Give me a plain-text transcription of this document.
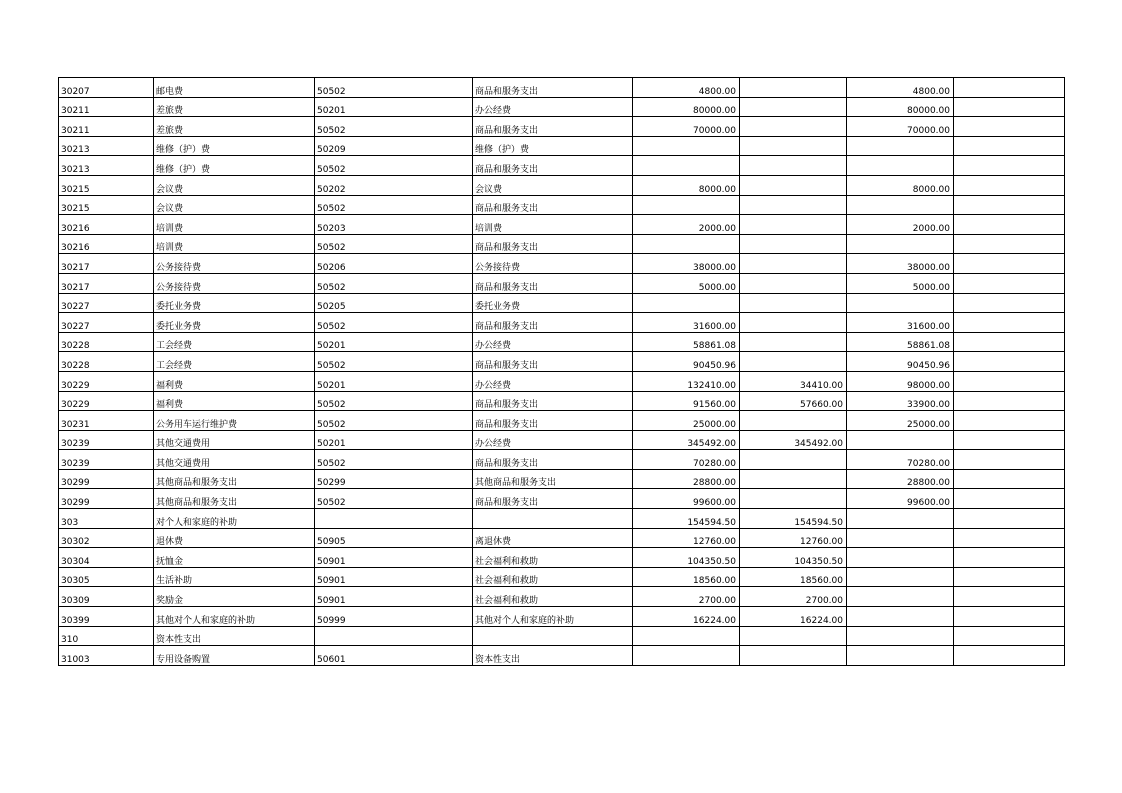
30207	邮电费	50502	商品和服务支出	4800.00		4800.00	
30211	差旅费	50201	办公经费	80000.00		80000.00	
30211	差旅费	50502	商品和服务支出	70000.00		70000.00	
30213	维修（护）费	50209	维修（护）费				
30213	维修（护）费	50502	商品和服务支出				
30215	会议费	50202	会议费	8000.00		8000.00	
30215	会议费	50502	商品和服务支出				
30216	培训费	50203	培训费	2000.00		2000.00	
30216	培训费	50502	商品和服务支出				
30217	公务接待费	50206	公务接待费	38000.00		38000.00	
30217	公务接待费	50502	商品和服务支出	5000.00		5000.00	
30227	委托业务费	50205	委托业务费				
30227	委托业务费	50502	商品和服务支出	31600.00		31600.00	
30228	工会经费	50201	办公经费	58861.08		58861.08	
30228	工会经费	50502	商品和服务支出	90450.96		90450.96	
30229	福利费	50201	办公经费	132410.00	34410.00	98000.00	
30229	福利费	50502	商品和服务支出	91560.00	57660.00	33900.00	
30231	公务用车运行维护费	50502	商品和服务支出	25000.00		25000.00	
30239	其他交通费用	50201	办公经费	345492.00	345492.00		
30239	其他交通费用	50502	商品和服务支出	70280.00		70280.00	
30299	其他商品和服务支出	50299	其他商品和服务支出	28800.00		28800.00	
30299	其他商品和服务支出	50502	商品和服务支出	99600.00		99600.00	
303	对个人和家庭的补助			154594.50	154594.50		
30302	退休费	50905	离退休费	12760.00	12760.00		
30304	抚恤金	50901	社会福利和救助	104350.50	104350.50		
30305	生活补助	50901	社会福利和救助	18560.00	18560.00		
30309	奖励金	50901	社会福利和救助	2700.00	2700.00		
30399	其他对个人和家庭的补助	50999	其他对个人和家庭的补助	16224.00	16224.00		
310	资本性支出						
31003	专用设备购置	50601	资本性支出				
